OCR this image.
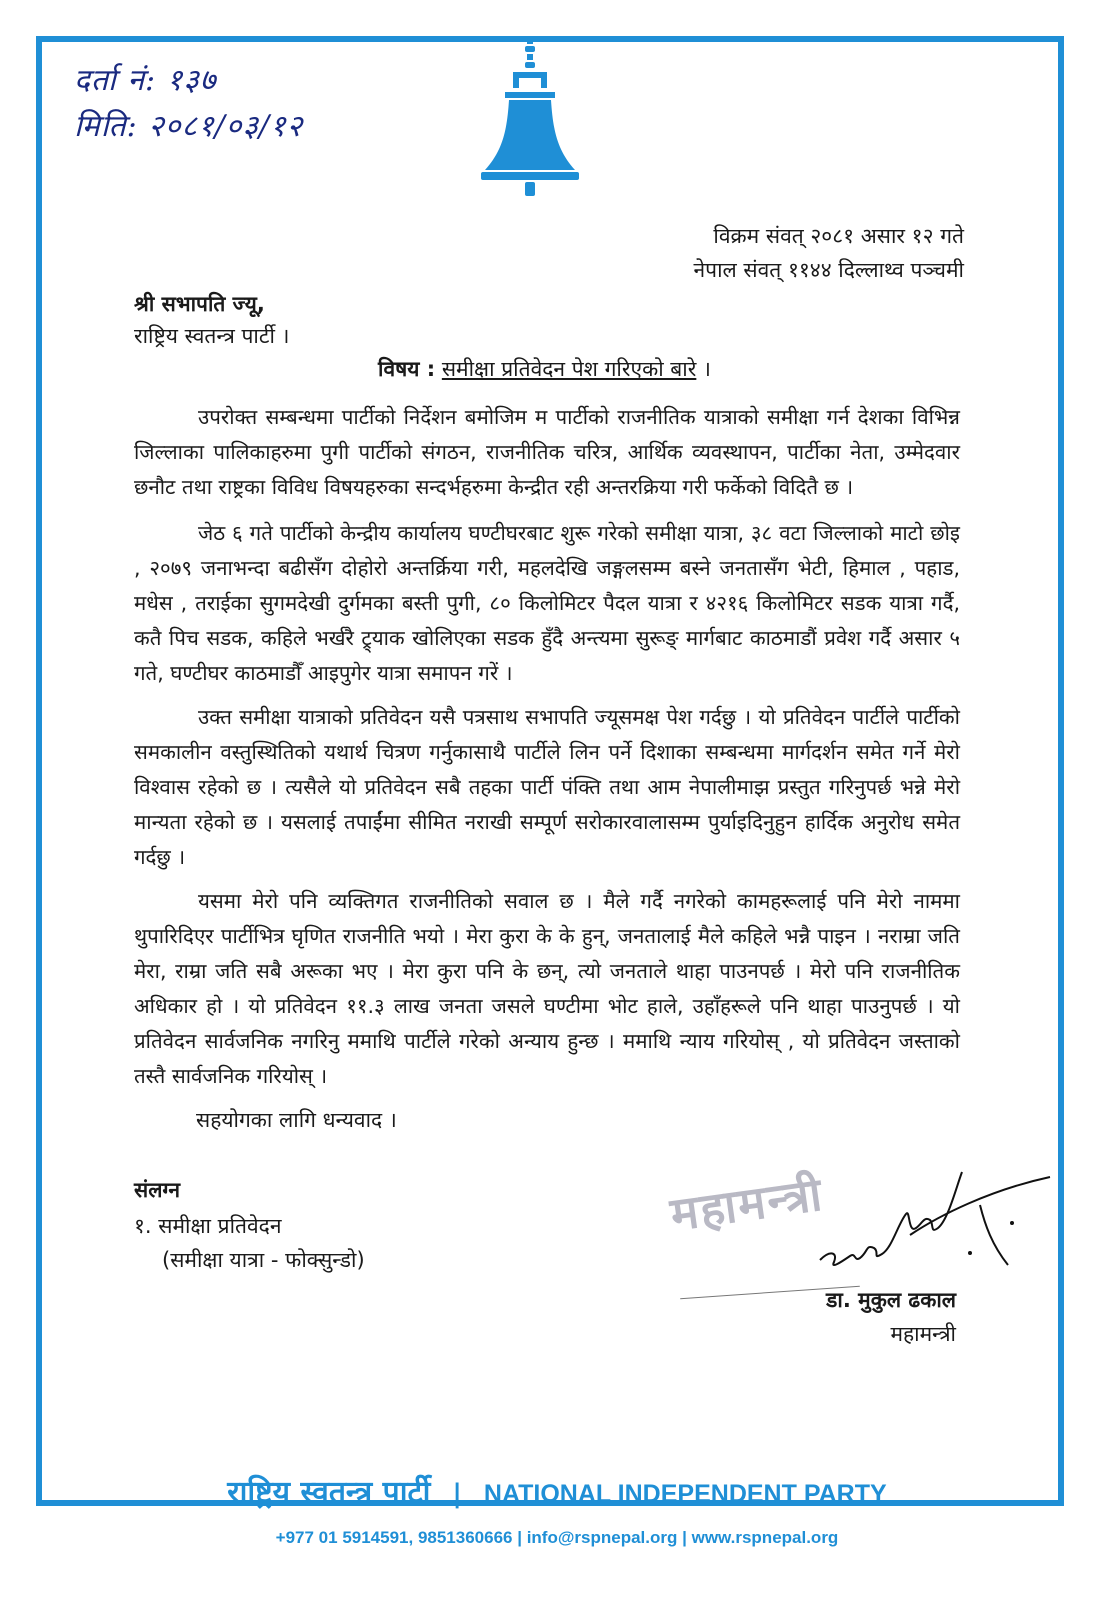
दर्ता नं: १३७
मिति: २०८१/०३/१२
विक्रम संवत् २०८१ असार १२ गते
नेपाल संवत् ११४४ दिल्लाथ्व पञ्चमी
श्री सभापति ज्यू,
राष्ट्रिय स्वतन्त्र पार्टी ।
विषय : समीक्षा प्रतिवेदन पेश गरिएको बारे ।

उपरोक्त सम्बन्धमा पार्टीको निर्देशन बमोजिम म पार्टीको राजनीतिक यात्राको समीक्षा गर्न देशका विभिन्न जिल्लाका पालिकाहरुमा पुगी पार्टीको संगठन, राजनीतिक चरित्र, आर्थिक व्यवस्थापन, पार्टीका नेता, उम्मेदवार छनौट तथा राष्ट्रका विविध विषयहरुका सन्दर्भहरुमा केन्द्रीत रही अन्तरक्रिया गरी फर्केको विदितै छ ।

जेठ ६ गते पार्टीको केन्द्रीय कार्यालय घण्टीघरबाट शुरू गरेको समीक्षा यात्रा, ३८ वटा जिल्लाको माटो छोइ , २०७९ जनाभन्दा बढीसँग दोहोरो अन्तर्क्रिया गरी, महलदेखि जङ्गलसम्म बस्ने जनतासँग भेटी, हिमाल , पहाड, मधेस , तराईका सुगमदेखी दुर्गमका बस्ती पुगी, ८० किलोमिटर पैदल यात्रा र ४२१६ किलोमिटर सडक यात्रा गर्दै, कतै पिच सडक, कहिले भर्खरै ट्र्याक खोलिएका सडक हुँदै अन्त्यमा सुरूङ् मार्गबाट काठमाडौं प्रवेश गर्दै असार ५ गते, घण्टीघर काठमाडौँ आइपुगेर यात्रा समापन गरें ।

उक्त समीक्षा यात्राको प्रतिवेदन यसै पत्रसाथ सभापति ज्यूसमक्ष पेश गर्दछु । यो प्रतिवेदन पार्टीले पार्टीको समकालीन वस्तुस्थितिको यथार्थ चित्रण गर्नुकासाथै पार्टीले लिन पर्ने दिशाका सम्बन्धमा मार्गदर्शन समेत गर्ने मेरो विश्वास रहेको छ । त्यसैले यो प्रतिवेदन सबै तहका पार्टी पंक्ति तथा आम नेपालीमाझ प्रस्तुत गरिनुपर्छ भन्ने मेरो मान्यता रहेको छ । यसलाई तपाईंमा सीमित नराखी सम्पूर्ण सरोकारवालासम्म पुर्याइदिनुहुन हार्दिक अनुरोध समेत गर्दछु ।

यसमा मेरो पनि व्यक्तिगत राजनीतिको सवाल छ । मैले गर्दै नगरेको कामहरूलाई पनि मेरो नाममा थुपारिदिएर पार्टीभित्र घृणित राजनीति भयो । मेरा कुरा के के हुन्, जनतालाई मैले कहिले भन्नै पाइन । नराम्रा जति मेरा, राम्रा जति सबै अरूका भए । मेरा कुरा पनि के छन्, त्यो जनताले थाहा पाउनपर्छ । मेरो पनि राजनीतिक अधिकार हो । यो प्रतिवेदन ११.३ लाख जनता जसले घण्टीमा भोट हाले, उहाँहरूले पनि थाहा पाउनुपर्छ । यो प्रतिवेदन सार्वजनिक नगरिनु ममाथि पार्टीले गरेको अन्याय हुन्छ । ममाथि न्याय गरियोस् , यो प्रतिवेदन जस्ताको तस्तै सार्वजनिक गरियोस् ।

सहयोगका लागि धन्यवाद ।
संलग्न
१. समीक्षा प्रतिवेदन
(समीक्षा यात्रा - फोक्सुन्डो)
महामन्त्री
डा. मुकुल ढकाल
महामन्त्री
राष्ट्रिय स्वतन्त्र पार्टी | NATIONAL INDEPENDENT PARTY
+977 01 5914591, 9851360666 | info@rspnepal.org | www.rspnepal.org
